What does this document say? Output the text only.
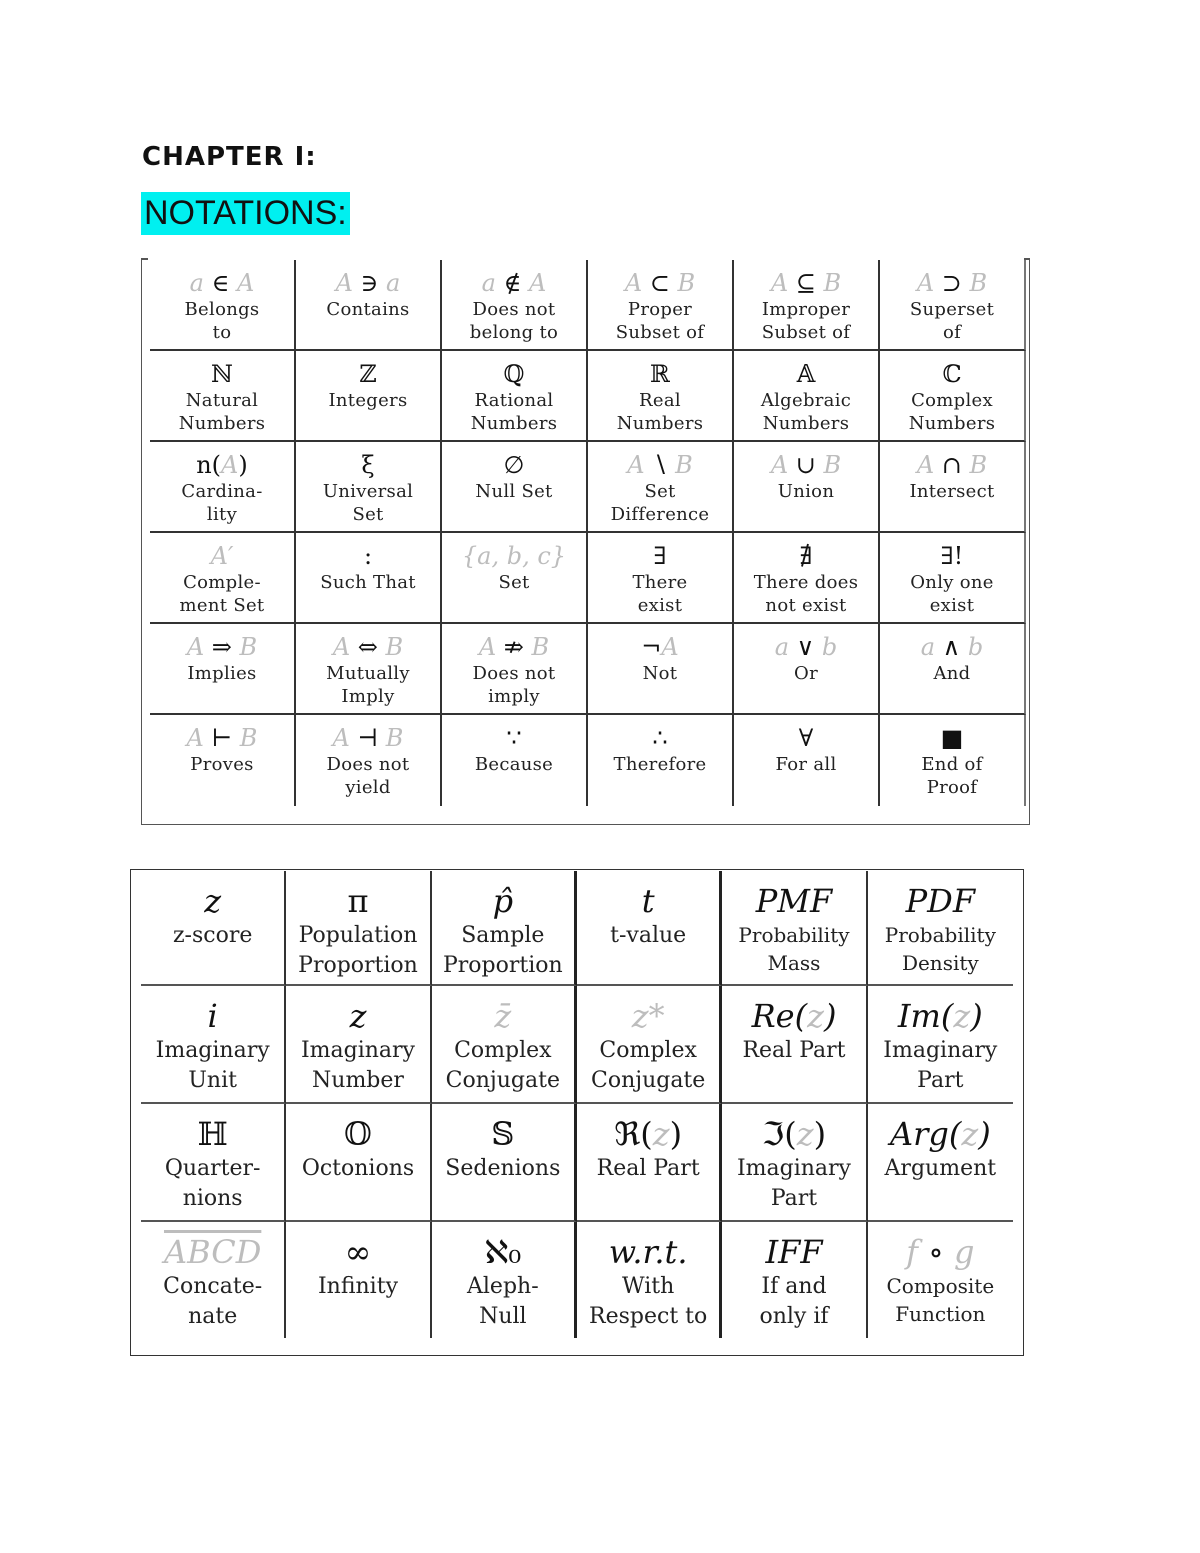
CHAPTER I:
NOTATIONS:
a ∈ A
Belongs
to
A ∋ a
Contains
a ∉ A
Does not
belong to
A ⊂ B
Proper
Subset of
A ⊆ B
Improper
Subset of
A ⊃ B
Superset
of
ℕ
Natural
Numbers
ℤ
Integers
ℚ
Rational
Numbers
ℝ
Real
Numbers
𝔸
Algebraic
Numbers
ℂ
Complex
Numbers
n(A)
Cardina-
lity
ξ
Universal
Set
∅
Null Set
A ∖ B
Set
Difference
A ∪ B
Union
A ∩ B
Intersect
A′
Comple-
ment Set
:
Such That
{a, b, c}
Set
∃
There
exist
∄
There does
not exist
∃!
Only one
exist
A ⇒ B
Implies
A ⇔ B
Mutually
Imply
A ⇏ B
Does not
imply
¬A
Not
a ∨ b
Or
a ∧ b
And
A ⊢ B
Proves
A ⊣ B
Does not
yield
∵
Because
∴
Therefore
∀
For all
■
End of
Proof
z
z-score
π
Population
Proportion
p̂
Sample
Proportion
t
t-value
PMF
Probability
Mass
PDF
Probability
Density
i
Imaginary
Unit
z
Imaginary
Number
z̄
Complex
Conjugate
z*
Complex
Conjugate
Re(z)
Real Part
Im(z)
Imaginary
Part
ℍ
Quarter-
nions
𝕆
Octonions
𝕊
Sedenions
ℜ(z)
Real Part
ℑ(z)
Imaginary
Part
Arg(z)
Argument
ABCD
Concate-
nate
∞
Infinity
ℵ₀
Aleph-
Null
w.r.t.
With
Respect to
IFF
If and
only if
f ∘ g
Composite
Function
